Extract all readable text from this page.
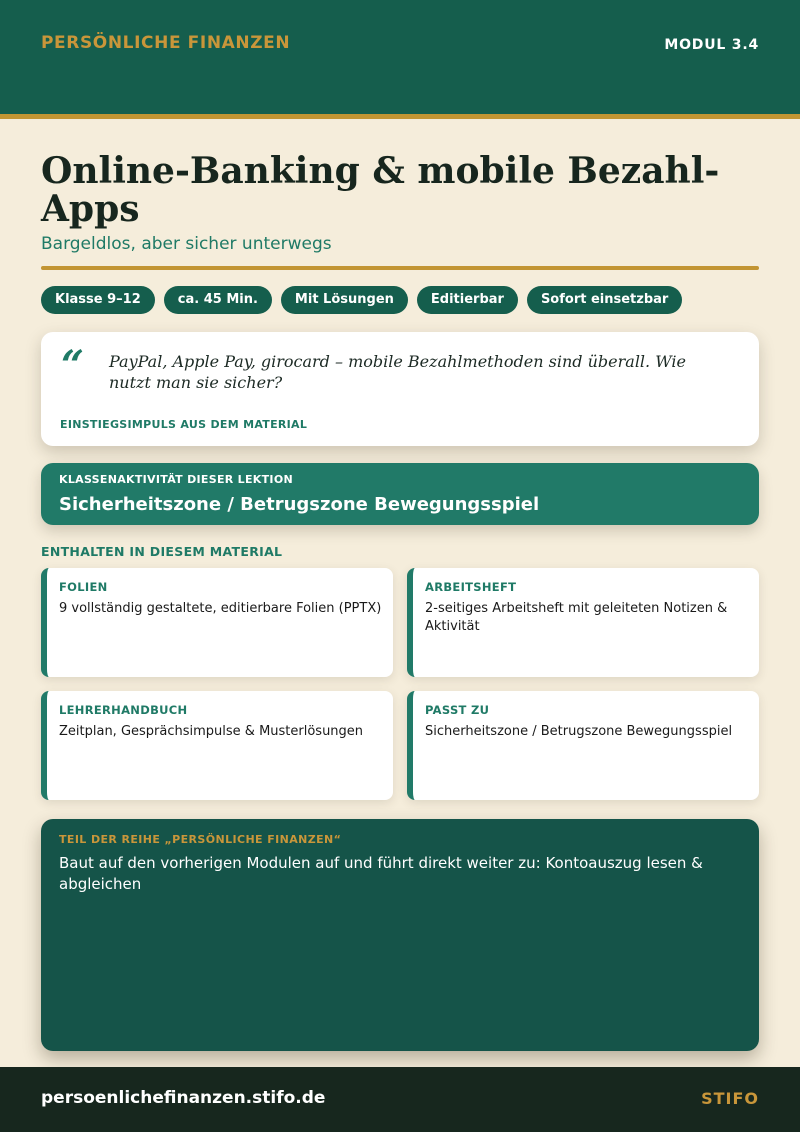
PERSÖNLICHE FINANZEN	MODUL 3.4
Online-Banking & mobile Bezahl-Apps
Bargeldlos, aber sicher unterwegs
Klasse 9–12	ca. 45 Min.	Mit Lösungen	Editierbar	Sofort einsetzbar
“ PayPal, Apple Pay, girocard – mobile Bezahlmethoden sind überall. Wie nutzt man sie sicher?
EINSTIEGSIMPULS AUS DEM MATERIAL
KLASSENAKTIVITÄT DIESER LEKTION
Sicherheitszone / Betrugszone Bewegungsspiel
ENTHALTEN IN DIESEM MATERIAL
FOLIEN
9 vollständig gestaltete, editierbare Folien (PPTX)
ARBEITSHEFT
2-seitiges Arbeitsheft mit geleiteten Notizen & Aktivität
LEHRERHANDBUCH
Zeitplan, Gesprächsimpulse & Musterlösungen
PASST ZU
Sicherheitszone / Betrugszone Bewegungsspiel
TEIL DER REIHE „PERSÖNLICHE FINANZEN“
Baut auf den vorherigen Modulen auf und führt direkt weiter zu: Kontoauszug lesen & abgleichen
persoenlichefinanzen.stifo.de	STIFO
